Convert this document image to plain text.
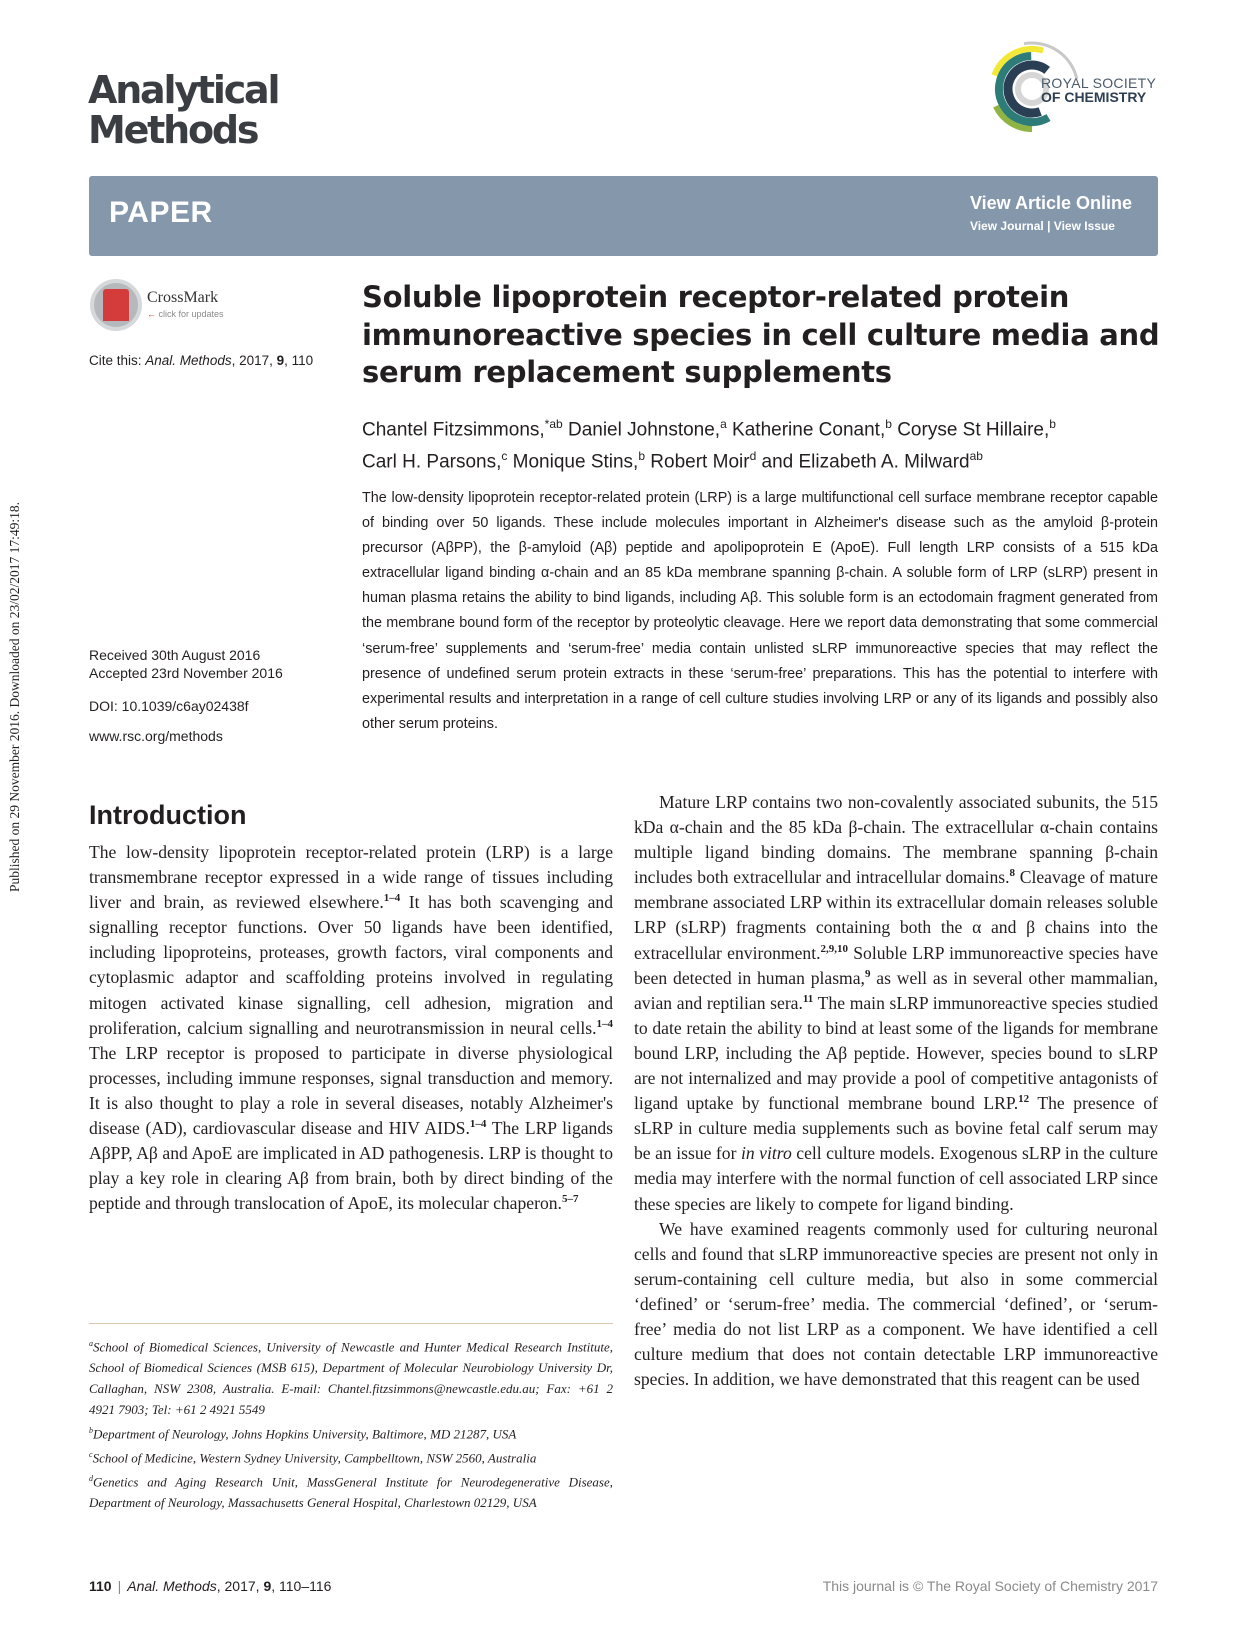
Published on 29 November 2016. Downloaded on 23/02/2017 17:49:18.
Analytical
Methods
ROYAL SOCIETY
OF CHEMISTRY
PAPER	View Article Online
View Journal | View Issue
CrossMark
← click for updates
Cite this: Anal. Methods, 2017, 9, 110
Received 30th August 2016
Accepted 23rd November 2016
DOI: 10.1039/c6ay02438f
www.rsc.org/methods
Soluble lipoprotein receptor-related protein immunoreactive species in cell culture media and serum replacement supplements
Chantel Fitzsimmons,$^{*ab}$ Daniel Johnstone,$^a$ Katherine Conant,$^b$ Coryse St Hillaire,$^b$
Carl H. Parsons,$^c$ Monique Stins,$^b$ Robert Moir$^d$ and Elizabeth A. Milward$^{ab}$

The low-density lipoprotein receptor-related protein (LRP) is a large multifunctional cell surface membrane receptor capable of binding over 50 ligands. These include molecules important in Alzheimer's disease such as the amyloid β-protein precursor (AβPP), the β-amyloid (Aβ) peptide and apolipoprotein E (ApoE). Full length LRP consists of a 515 kDa extracellular ligand binding α-chain and an 85 kDa membrane spanning β-chain. A soluble form of LRP (sLRP) present in human plasma retains the ability to bind ligands, including Aβ. This soluble form is an ectodomain fragment generated from the membrane bound form of the receptor by proteolytic cleavage. Here we report data demonstrating that some commercial ‘serum-free’ supplements and ‘serum-free’ media contain unlisted sLRP immunoreactive species that may reflect the presence of undefined serum protein extracts in these ‘serum-free’ preparations. This has the potential to interfere with experimental results and interpretation in a range of cell culture studies involving LRP or any of its ligands and possibly also other serum proteins.

Introduction

The low-density lipoprotein receptor-related protein (LRP) is a large transmembrane receptor expressed in a wide range of tissues including liver and brain, as reviewed elsewhere.$^{1-4}$ It has both scavenging and signalling receptor functions. Over 50 ligands have been identified, including lipoproteins, proteases, growth factors, viral components and cytoplasmic adaptor and scaffolding proteins involved in regulating mitogen activated kinase signalling, cell adhesion, migration and proliferation, calcium signalling and neurotransmission in neural cells.$^{1-4}$ The LRP receptor is proposed to participate in diverse physiological processes, including immune responses, signal transduction and memory. It is also thought to play a role in several diseases, notably Alzheimer's disease (AD), cardiovascular disease and HIV AIDS.$^{1-4}$ The LRP ligands AβPP, Aβ and ApoE are implicated in AD pathogenesis. LRP is thought to play a key role in clearing Aβ from brain, both by direct binding of the peptide and through translocation of ApoE, its molecular chaperon.$^{5-7}$

$^a$School of Biomedical Sciences, University of Newcastle and Hunter Medical Research Institute, School of Biomedical Sciences (MSB 615), Department of Molecular Neurobiology University Dr, Callaghan, NSW 2308, Australia. E-mail: Chantel.fitzsimmons@newcastle.edu.au; Fax: +61 2 4921 7903; Tel: +61 2 4921 5549
$^b$Department of Neurology, Johns Hopkins University, Baltimore, MD 21287, USA
$^c$School of Medicine, Western Sydney University, Campbelltown, NSW 2560, Australia
$^d$Genetics and Aging Research Unit, MassGeneral Institute for Neurodegenerative Disease, Department of Neurology, Massachusetts General Hospital, Charlestown 02129, USA

Mature LRP contains two non-covalently associated subunits, the 515 kDa α-chain and the 85 kDa β-chain. The extracellular α-chain contains multiple ligand binding domains. The membrane spanning β-chain includes both extracellular and intracellular domains.$^8$ Cleavage of mature membrane associated LRP within its extracellular domain releases soluble LRP (sLRP) fragments containing both the α and β chains into the extracellular environment.$^{2,9,10}$ Soluble LRP immunoreactive species have been detected in human plasma,$^9$ as well as in several other mammalian, avian and reptilian sera.$^{11}$ The main sLRP immunoreactive species studied to date retain the ability to bind at least some of the ligands for membrane bound LRP, including the Aβ peptide. However, species bound to sLRP are not internalized and may provide a pool of competitive antagonists of ligand uptake by functional membrane bound LRP.$^{12}$ The presence of sLRP in culture media supplements such as bovine fetal calf serum may be an issue for in vitro cell culture models. Exogenous sLRP in the culture media may interfere with the normal function of cell associated LRP since these species are likely to compete for ligand binding.

We have examined reagents commonly used for culturing neuronal cells and found that sLRP immunoreactive species are present not only in serum-containing cell culture media, but also in some commercial ‘defined’ or ‘serum-free’ media. The commercial ‘defined’, or ‘serum-free’ media do not list LRP as a component. We have identified a cell culture medium that does not contain detectable LRP immunoreactive species. In addition, we have demonstrated that this reagent can be used

110 | Anal. Methods, 2017, 9, 110–116	This journal is © The Royal Society of Chemistry 2017
